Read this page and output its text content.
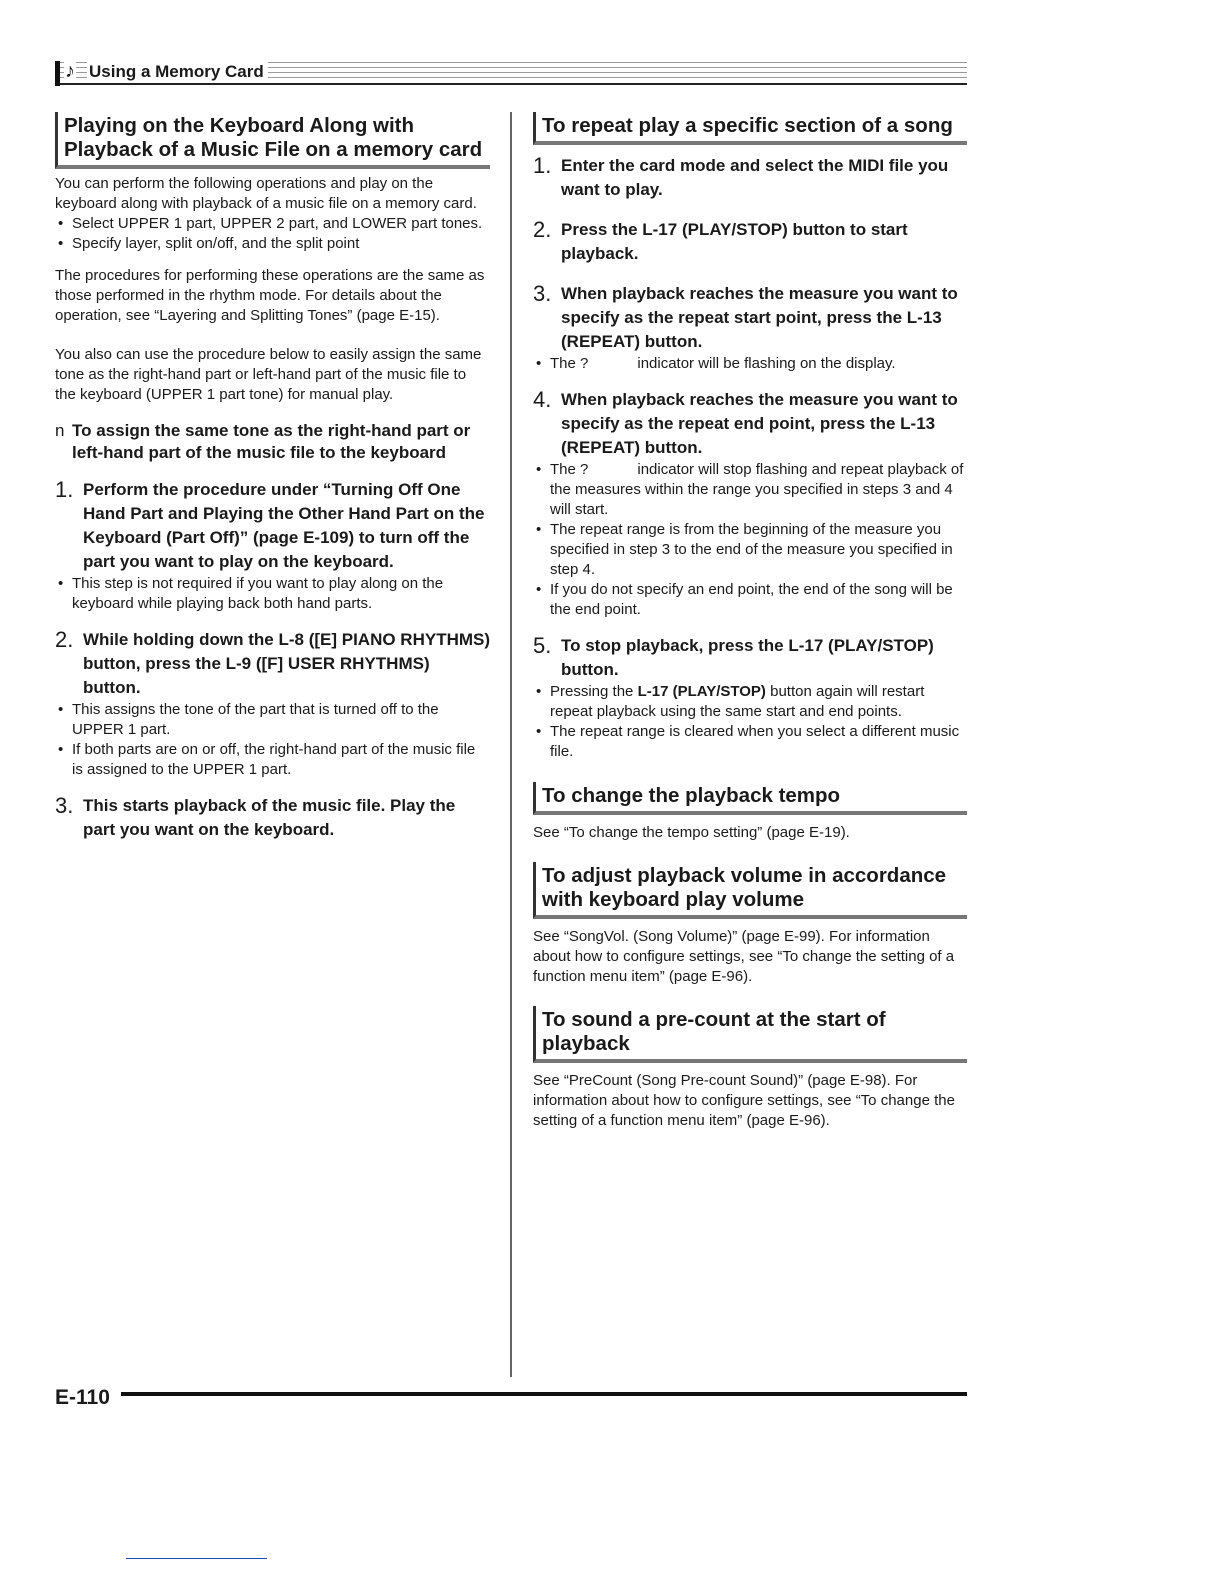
♪ Using a Memory Card
Playing on the Keyboard Along with
Playback of a Music File on a memory card

You can perform the following operations and play on the keyboard along with playback of a music file on a memory card.

• Select UPPER 1 part, UPPER 2 part, and LOWER part tones.
• Specify layer, split on/off, and the split point

The procedures for performing these operations are the same as those performed in the rhythm mode. For details about the operation, see “Layering and Splitting Tones” (page E-15).

You also can use the procedure below to easily assign the same tone as the right-hand part or left-hand part of the music file to the keyboard (UPPER 1 part tone) for manual play.

n To assign the same tone as the right-hand part or left-hand part of the music file to the keyboard
1. Perform the procedure under “Turning Off One Hand Part and Playing the Other Hand Part on the Keyboard (Part Off)” (page E-109) to turn off the part you want to play on the keyboard.
• This step is not required if you want to play along on the keyboard while playing back both hand parts.
2. While holding down the L-8 ([E] PIANO RHYTHMS) button, press the L-9 ([F] USER RHYTHMS) button.
• This assigns the tone of the part that is turned off to the UPPER 1 part.
• If both parts are on or off, the right-hand part of the music file is assigned to the UPPER 1 part.
3. This starts playback of the music file. Play the part you want on the keyboard.
To repeat play a specific section of a song
1. Enter the card mode and select the MIDI file you want to play.
2. Press the L-17 (PLAY/STOP) button to start playback.
3. When playback reaches the measure you want to specify as the repeat start point, press the L-13 (REPEAT) button.
• The ?	indicator will be flashing on the display.
4. When playback reaches the measure you want to specify as the repeat end point, press the L-13 (REPEAT) button.
• The ?	indicator will stop flashing and repeat playback of the measures within the range you specified in steps 3 and 4 will start.
• The repeat range is from the beginning of the measure you specified in step 3 to the end of the measure you specified in step 4.
• If you do not specify an end point, the end of the song will be the end point.
5. To stop playback, press the L-17 (PLAY/STOP) button.
• Pressing the L-17 (PLAY/STOP) button again will restart repeat playback using the same start and end points.
• The repeat range is cleared when you select a different music file.
To change the playback tempo

See “To change the tempo setting” (page E-19).

To adjust playback volume in accordance
with keyboard play volume

See “SongVol. (Song Volume)” (page E-99). For information about how to configure settings, see “To change the setting of a function menu item” (page E-96).

To sound a pre-count at the start of playback

See “PreCount (Song Pre-count Sound)” (page E-98). For information about how to configure settings, see “To change the setting of a function menu item” (page E-96).

E-110
